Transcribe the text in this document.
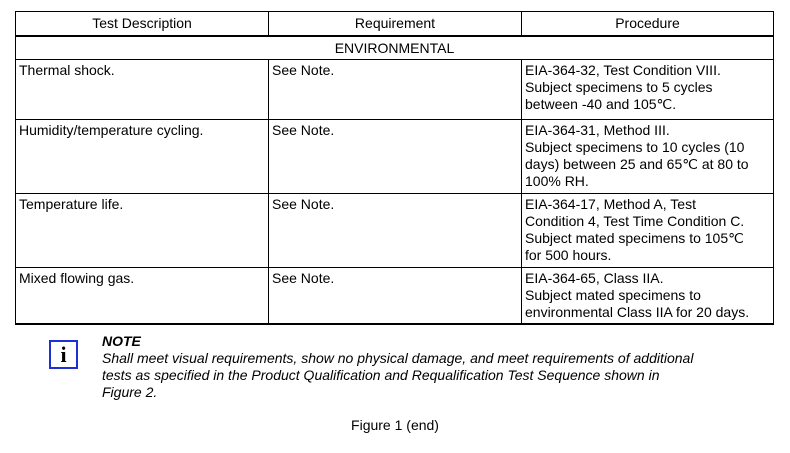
Test Description	Requirement	Procedure
ENVIRONMENTAL		
Thermal shock.	See Note.	EIA-364-32, Test Condition VIII.
Subject specimens to 5 cycles
between -40 and 105℃.

Humidity/temperature cycling.	See Note.	EIA-364-31, Method III.
Subject specimens to 10 cycles (10
days) between 25 and 65℃ at 80 to
100% RH.

Temperature life.	See Note.	EIA-364-17, Method A, Test
Condition 4, Test Time Condition C.
Subject mated specimens to 105℃
for 500 hours.

Mixed flowing gas.	See Note.	EIA-364-65, Class IIA.
Subject mated specimens to
environmental Class IIA for 20 days.
i
NOTE
Shall meet visual requirements, show no physical damage, and meet requirements of additional
tests as specified in the Product Qualification and Requalification Test Sequence shown in
Figure 2.
Figure 1 (end)
